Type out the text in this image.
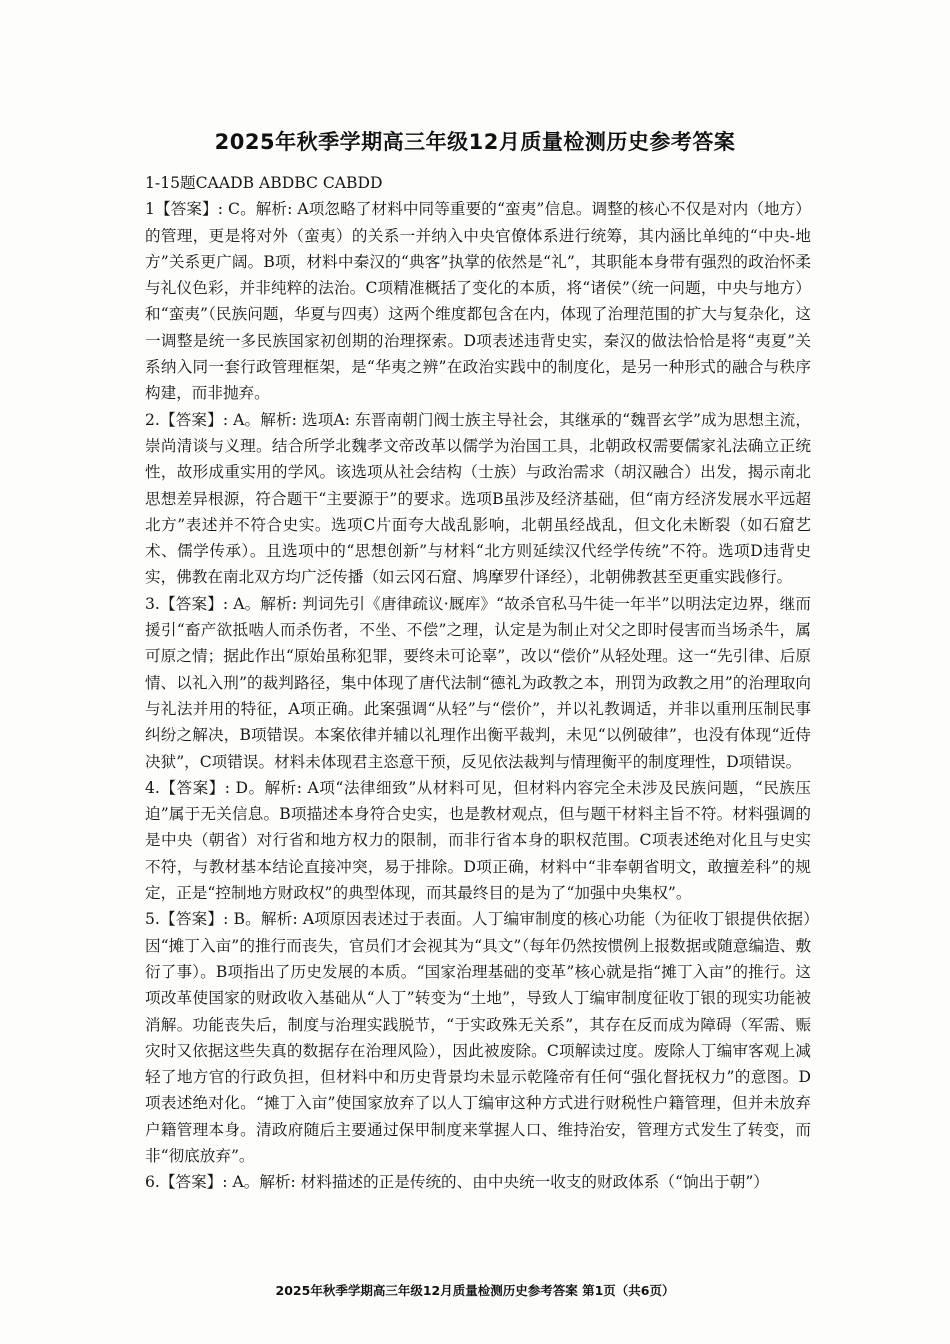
2025年秋季学期高三年级12月质量检测历史参考答案
1-15题CAADB ABDBC CABDD
1【答案】: C。解析: A项忽略了材料中同等重要的“蛮夷”信息。调整的核心不仅是对内（地方）的管理，更是将对外（蛮夷）的关系一并纳入中央官僚体系进行统筹，其内涵比单纯的“中央-地方”关系更广阔。B项，材料中秦汉的“典客”执掌的依然是“礼”，其职能本身带有强烈的政治怀柔与礼仪色彩，并非纯粹的法治。C项精准概括了变化的本质，将“诸侯”（统一问题，中央与地方）和“蛮夷”（民族问题，华夏与四夷）这两个维度都包含在内，体现了治理范围的扩大与复杂化，这一调整是统一多民族国家初创期的治理探索。D项表述违背史实，秦汉的做法恰恰是将“夷夏”关系纳入同一套行政管理框架，是“华夷之辨”在政治实践中的制度化，是另一种形式的融合与秩序构建，而非抛弃。
2.【答案】: A。解析: 选项A: 东晋南朝门阀士族主导社会，其继承的“魏晋玄学”成为思想主流，崇尚清谈与义理。结合所学北魏孝文帝改革以儒学为治国工具，北朝政权需要儒家礼法确立正统性，故形成重实用的学风。该选项从社会结构（士族）与政治需求（胡汉融合）出发，揭示南北思想差异根源，符合题干“主要源于”的要求。选项B虽涉及经济基础，但“南方经济发展水平远超北方”表述并不符合史实。选项C片面夸大战乱影响，北朝虽经战乱，但文化未断裂（如石窟艺术、儒学传承）。且选项中的“思想创新”与材料“北方则延续汉代经学传统”不符。选项D违背史实，佛教在南北双方均广泛传播（如云冈石窟、鸠摩罗什译经），北朝佛教甚至更重实践修行。
3.【答案】: A。解析: 判词先引《唐律疏议·厩库》“故杀官私马牛徒一年半”以明法定边界，继而援引“畜产欲抵啮人而杀伤者，不坐、不偿”之理，认定是为制止对父之即时侵害而当场杀牛，属可原之情；据此作出“原始虽称犯罪，要终未可论辜”，改以“偿价”从轻处理。这一“先引律、后原情、以礼入刑”的裁判路径，集中体现了唐代法制“德礼为政教之本，刑罚为政教之用”的治理取向与礼法并用的特征，A项正确。此案强调“从轻”与“偿价”，并以礼教调适，并非以重刑压制民事纠纷之解决，B项错误。本案依律并辅以礼理作出衡平裁判，未见“以例破律”，也没有体现“近侍决狱”，C项错误。材料未体现君主恣意干预，反见依法裁判与情理衡平的制度理性，D项错误。
4.【答案】: D。解析: A项“法律细致”从材料可见，但材料内容完全未涉及民族问题，“民族压迫”属于无关信息。B项描述本身符合史实，也是教材观点，但与题干材料主旨不符。材料强调的是中央（朝省）对行省和地方权力的限制，而非行省本身的职权范围。C项表述绝对化且与史实不符，与教材基本结论直接冲突，易于排除。D项正确，材料中“非奉朝省明文，敢擅差科”的规定，正是“控制地方财政权”的典型体现，而其最终目的是为了“加强中央集权”。
5.【答案】: B。解析: A项原因表述过于表面。人丁编审制度的核心功能（为征收丁银提供依据）因“摊丁入亩”的推行而丧失，官员们才会视其为“具文”（每年仍然按惯例上报数据或随意编造、敷衍了事）。B项指出了历史发展的本质。“国家治理基础的变革”核心就是指“摊丁入亩”的推行。这项改革使国家的财政收入基础从“人丁”转变为“土地”，导致人丁编审制度征收丁银的现实功能被消解。功能丧失后，制度与治理实践脱节，“于实政殊无关系”，其存在反而成为障碍（军需、赈灾时又依据这些失真的数据存在治理风险），因此被废除。C项解读过度。废除人丁编审客观上减轻了地方官的行政负担，但材料中和历史背景均未显示乾隆帝有任何“强化督抚权力”的意图。D项表述绝对化。“摊丁入亩”使国家放弃了以人丁编审这种方式进行财税性户籍管理，但并未放弃户籍管理本身。清政府随后主要通过保甲制度来掌握人口、维持治安，管理方式发生了转变，而非“彻底放弃”。
6.【答案】: A。解析: 材料描述的正是传统的、由中央统一收支的财政体系（“饷出于朝”）
2025年秋季学期高三年级12月质量检测历史参考答案 第1页（共6页）
